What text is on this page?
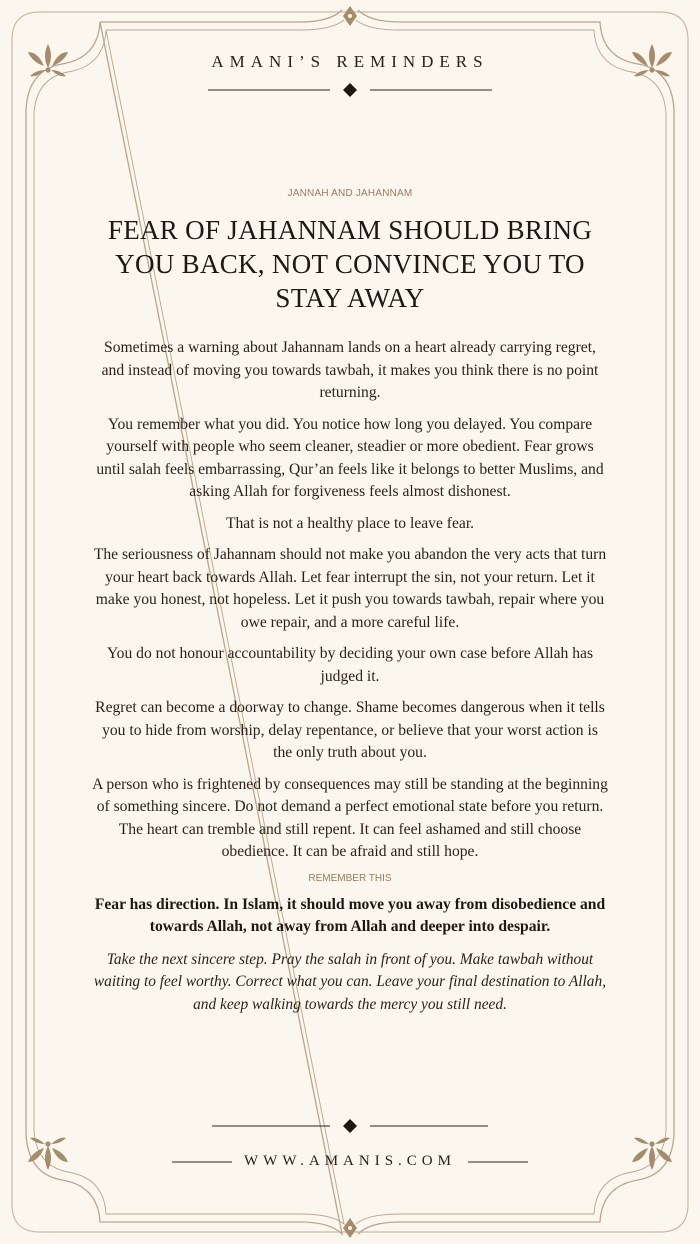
AMANI’S REMINDERS
JANNAH AND JAHANNAM
FEAR OF JAHANNAM SHOULD BRING YOU BACK, NOT CONVINCE YOU TO STAY AWAY

Sometimes a warning about Jahannam lands on a heart already carrying regret, and instead of moving you towards tawbah, it makes you think there is no point returning.

You remember what you did. You notice how long you delayed. You compare yourself with people who seem cleaner, steadier or more obedient. Fear grows until salah feels embarrassing, Qur’an feels like it belongs to better Muslims, and asking Allah for forgiveness feels almost dishonest.

That is not a healthy place to leave fear.

The seriousness of Jahannam should not make you abandon the very acts that turn your heart back towards Allah. Let fear interrupt the sin, not your return. Let it make you honest, not hopeless. Let it push you towards tawbah, repair where you owe repair, and a more careful life.

You do not honour accountability by deciding your own case before Allah has judged it.

Regret can become a doorway to change. Shame becomes dangerous when it tells you to hide from worship, delay repentance, or believe that your worst action is the only truth about you.

A person who is frightened by consequences may still be standing at the beginning of something sincere. Do not demand a perfect emotional state before you return. The heart can tremble and still repent. It can feel ashamed and still choose obedience. It can be afraid and still hope.

REMEMBER THIS

Fear has direction. In Islam, it should move you away from disobedience and towards Allah, not away from Allah and deeper into despair.

Take the next sincere step. Pray the salah in front of you. Make tawbah without waiting to feel worthy. Correct what you can. Leave your final destination to Allah, and keep walking towards the mercy you still need.

WWW.AMANIS.COM
